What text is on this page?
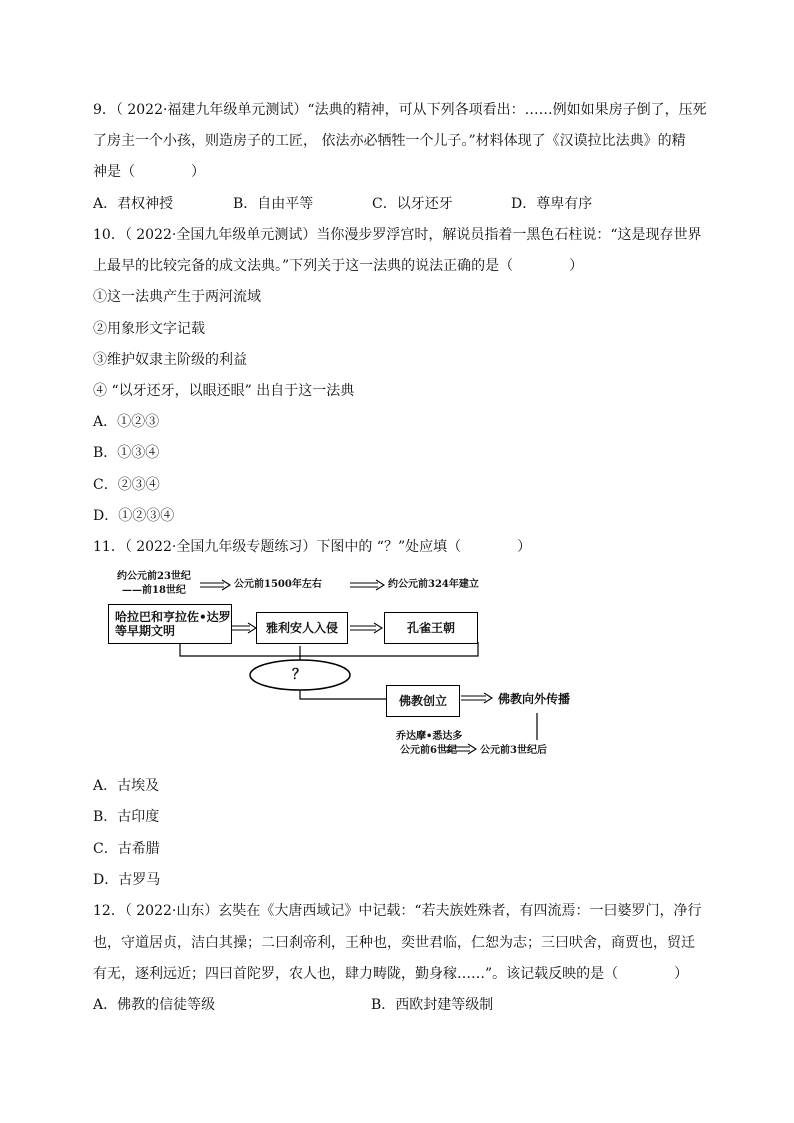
9．（ 2022·福建九年级单元测试）“法典的精神，可从下列各项看出：……例如如果房子倒了，压死
了房主一个小孩，则造房子的工匠， 依法亦必牺牲一个儿子。”材料体现了《汉谟拉比法典》的精
神是（　　　　）
A．君权神授	B．自由平等	C．以牙还牙	D．尊卑有序
10．（ 2022·全国九年级单元测试）当你漫步罗浮宫时，解说员指着一黑色石柱说：“这是现存世界
上最早的比较完备的成文法典。”下列关于这一法典的说法正确的是（　　　　）
①这一法典产生于两河流域
②用象形文字记载
③维护奴隶主阶级的利益
④ “以牙还牙，以眼还眼” 出自于这一法典
A．①②③
B．①③④
C．②③④
D．①②③④
11．（ 2022·全国九年级专题练习）下图中的 “？”处应填（　　　　）
约公元前23世纪
——前18世纪
公元前1500年左右	约公元前324年建立
哈拉巴和亨拉佐•达罗等早期文明	雅利安人入侵	孔雀王朝
？
佛教创立	佛教向外传播
乔达摩•悉达多
公元前6世纪 公元前3世纪后
A．古埃及
B．古印度
C．古希腊
D．古罗马
12．（ 2022·山东）玄奘在《大唐西域记》中记载：“若夫族姓殊者，有四流焉：一曰婆罗门，净行
也，守道居贞，洁白其操；二曰刹帝利，王种也，奕世君临，仁恕为志；三曰吠舍，商贾也，贸迁
有无，逐利远近；四曰首陀罗，农人也，肆力畴陇，勤身稼……”。该记载反映的是（　　　　）
A．佛教的信徒等级	B．西欧封建等级制
